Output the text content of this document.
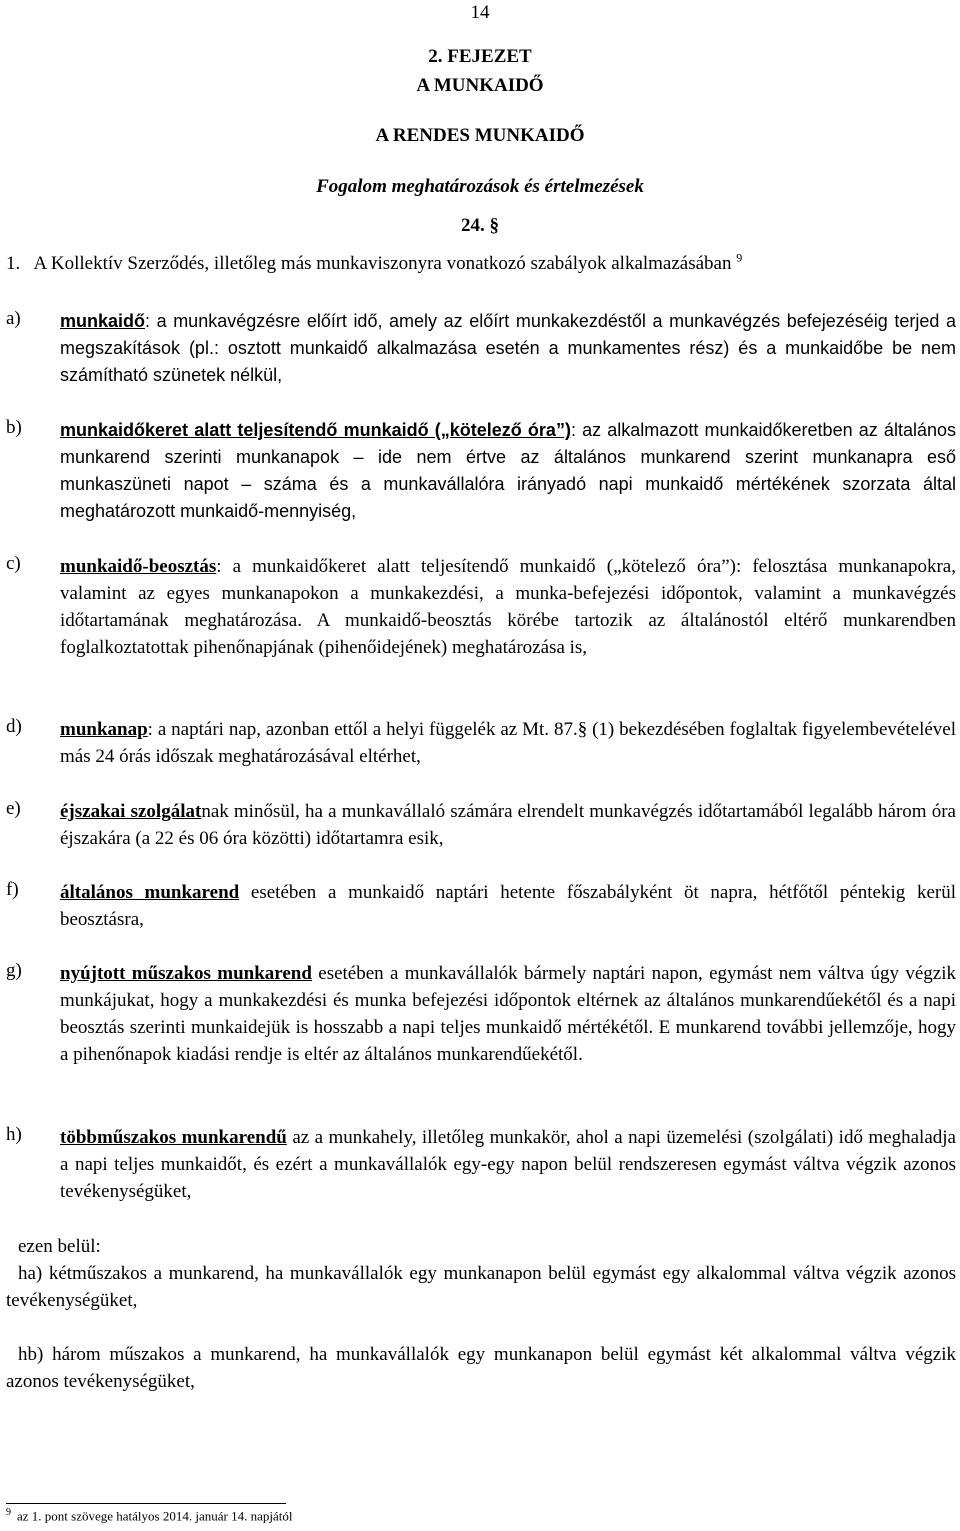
14
2. FEJEZET
A MUNKAIDŐ
A RENDES MUNKAIDŐ
Fogalom meghatározások és értelmezések
24. §
1. A Kollektív Szerződés, illetőleg más munkaviszonyra vonatkozó szabályok alkalmazásában $^9$
a) munkaidő: a munkavégzésre előírt idő, amely az előírt munkakezdéstől a munkavégzés befejezéséig terjed a megszakítások (pl.: osztott munkaidő alkalmazása esetén a munkamentes rész) és a munkaidőbe be nem számítható szünetek nélkül,
b) munkaidőkeret alatt teljesítendő munkaidő („kötelező óra”): az alkalmazott munkaidőkeretben az általános munkarend szerinti munkanapok – ide nem értve az általános munkarend szerint munkanapra eső munkaszüneti napot – száma és a munkavállalóra irányadó napi munkaidő mértékének szorzata által meghatározott munkaidő-mennyiség,
c) munkaidő-beosztás: a munkaidőkeret alatt teljesítendő munkaidő („kötelező óra”): felosztása munkanapokra, valamint az egyes munkanapokon a munkakezdési, a munka-befejezési időpontok, valamint a munkavégzés időtartamának meghatározása. A munkaidő-beosztás körébe tartozik az általánostól eltérő munkarendben foglalkoztatottak pihenőnapjának (pihenőidejének) meghatározása is,
d) munkanap: a naptári nap, azonban ettől a helyi függelék az Mt. 87.§ (1) bekezdésében foglaltak figyelembevételével más 24 órás időszak meghatározásával eltérhet,
e) éjszakai szolgálatnak minősül, ha a munkavállaló számára elrendelt munkavégzés időtartamából legalább három óra éjszakára (a 22 és 06 óra közötti) időtartamra esik,
f) általános munkarend esetében a munkaidő naptári hetente főszabályként öt napra, hétfőtől péntekig kerül beosztásra,
g) nyújtott műszakos munkarend esetében a munkavállalók bármely naptári napon, egymást nem váltva úgy végzik munkájukat, hogy a munkakezdési és munka befejezési időpontok eltérnek az általános munkarendűekétől és a napi beosztás szerinti munkaidejük is hosszabb a napi teljes munkaidő mértékétől. E munkarend további jellemzője, hogy a pihenőnapok kiadási rendje is eltér az általános munkarendűekétől.
h) többműszakos munkarendű az a munkahely, illetőleg munkakör, ahol a napi üzemelési (szolgálati) idő meghaladja a napi teljes munkaidőt, és ezért a munkavállalók egy-egy napon belül rendszeresen egymást váltva végzik azonos tevékenységüket,
ezen belül:
ha) kétműszakos a munkarend, ha munkavállalók egy munkanapon belül egymást egy alkalommal váltva végzik azonos tevékenységüket,
hb) három műszakos a munkarend, ha munkavállalók egy munkanapon belül egymást két alkalommal váltva végzik azonos tevékenységüket,
$^9$ az 1. pont szövege hatályos 2014. január 14. napjától
